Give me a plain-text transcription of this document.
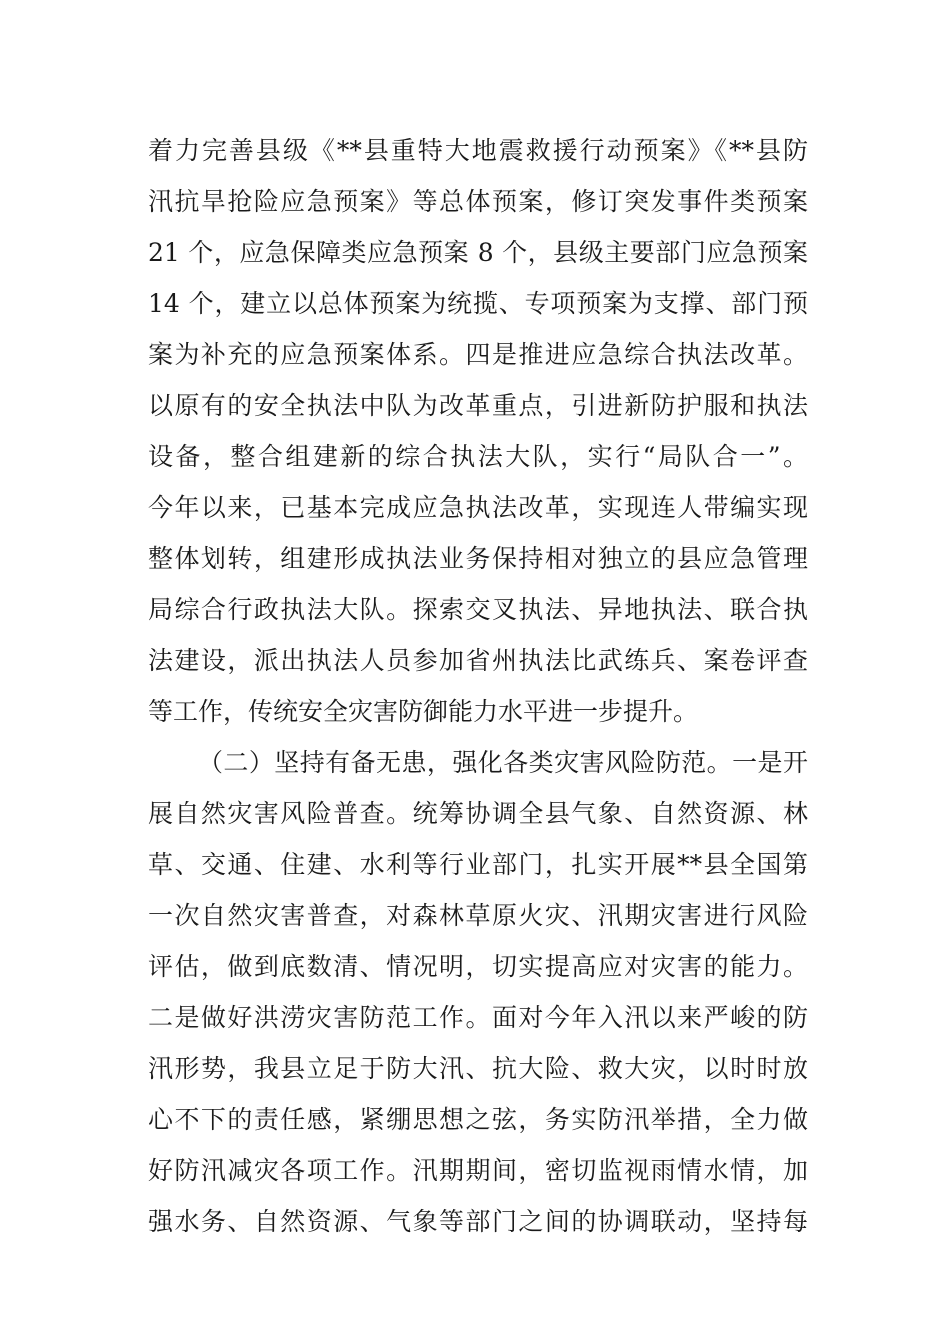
着力完善县级《**县重特大地震救援行动预案》《**县防
汛抗旱抢险应急预案》等总体预案，修订突发事件类预案
21 个，应急保障类应急预案 8 个，县级主要部门应急预案
14 个，建立以总体预案为统揽、专项预案为支撑、部门预
案为补充的应急预案体系。四是推进应急综合执法改革。
以原有的安全执法中队为改革重点，引进新防护服和执法
设备，整合组建新的综合执法大队，实行“局队合一”。
今年以来，已基本完成应急执法改革，实现连人带编实现
整体划转，组建形成执法业务保持相对独立的县应急管理
局综合行政执法大队。探索交叉执法、异地执法、联合执
法建设，派出执法人员参加省州执法比武练兵、案卷评查
等工作，传统安全灾害防御能力水平进一步提升。
（二）坚持有备无患，强化各类灾害风险防范。一是开
展自然灾害风险普查。统筹协调全县气象、自然资源、林
草、交通、住建、水利等行业部门，扎实开展**县全国第
一次自然灾害普查，对森林草原火灾、汛期灾害进行风险
评估，做到底数清、情况明，切实提高应对灾害的能力。
二是做好洪涝灾害防范工作。面对今年入汛以来严峻的防
汛形势，我县立足于防大汛、抗大险、救大灾，以时时放
心不下的责任感，紧绷思想之弦，务实防汛举措，全力做
好防汛减灾各项工作。汛期期间，密切监视雨情水情，加
强水务、自然资源、气象等部门之间的协调联动，坚持每
